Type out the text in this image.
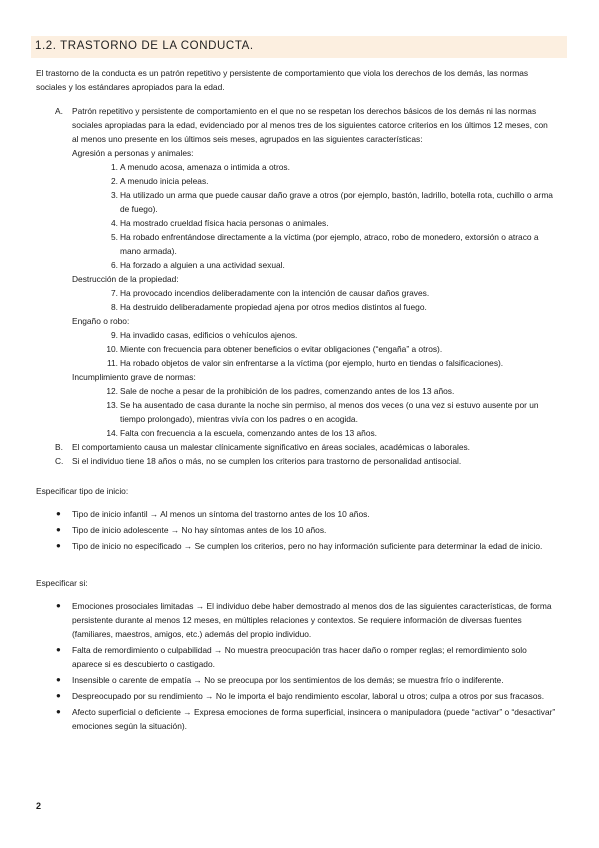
1.2. TRASTORNO DE LA CONDUCTA.

El trastorno de la conducta es un patrón repetitivo y persistente de comportamiento que viola los derechos de los demás, las normas sociales y los estándares apropiados para la edad.

A. Patrón repetitivo y persistente de comportamiento en el que no se respetan los derechos básicos de los demás ni las normas sociales apropiadas para la edad, evidenciado por al menos tres de los siguientes catorce criterios en los últimos 12 meses, con al menos uno presente en los últimos seis meses, agrupados en las siguientes características:
Agresión a personas y animales:
1. A menudo acosa, amenaza o intimida a otros.
2. A menudo inicia peleas.
3. Ha utilizado un arma que puede causar daño grave a otros (por ejemplo, bastón, ladrillo, botella rota, cuchillo o arma de fuego).
4. Ha mostrado crueldad física hacia personas o animales.
5. Ha robado enfrentándose directamente a la víctima (por ejemplo, atraco, robo de monedero, extorsión o atraco a mano armada).
6. Ha forzado a alguien a una actividad sexual.
Destrucción de la propiedad:
7. Ha provocado incendios deliberadamente con la intención de causar daños graves.
8. Ha destruido deliberadamente propiedad ajena por otros medios distintos al fuego.
Engaño o robo:
9. Ha invadido casas, edificios o vehículos ajenos.
10. Miente con frecuencia para obtener beneficios o evitar obligaciones (“engaña” a otros).
11. Ha robado objetos de valor sin enfrentarse a la víctima (por ejemplo, hurto en tiendas o falsificaciones).
Incumplimiento grave de normas:
12. Sale de noche a pesar de la prohibición de los padres, comenzando antes de los 13 años.
13. Se ha ausentado de casa durante la noche sin permiso, al menos dos veces (o una vez si estuvo ausente por un tiempo prolongado), mientras vivía con los padres o en acogida.
14. Falta con frecuencia a la escuela, comenzando antes de los 13 años.
B. El comportamiento causa un malestar clínicamente significativo en áreas sociales, académicas o laborales.
C. Si el individuo tiene 18 años o más, no se cumplen los criterios para trastorno de personalidad antisocial.
Especificar tipo de inicio:
● Tipo de inicio infantil → Al menos un síntoma del trastorno antes de los 10 años.
● Tipo de inicio adolescente → No hay síntomas antes de los 10 años.
● Tipo de inicio no especificado → Se cumplen los criterios, pero no hay información suficiente para determinar la edad de inicio.
Especificar si:
● Emociones prosociales limitadas → El individuo debe haber demostrado al menos dos de las siguientes características, de forma persistente durante al menos 12 meses, en múltiples relaciones y contextos. Se requiere información de diversas fuentes (familiares, maestros, amigos, etc.) además del propio individuo.
● Falta de remordimiento o culpabilidad → No muestra preocupación tras hacer daño o romper reglas; el remordimiento solo aparece si es descubierto o castigado.
● Insensible o carente de empatía → No se preocupa por los sentimientos de los demás; se muestra frío o indiferente.
● Despreocupado por su rendimiento → No le importa el bajo rendimiento escolar, laboral u otros; culpa a otros por sus fracasos.
● Afecto superficial o deficiente → Expresa emociones de forma superficial, insincera o manipuladora (puede “activar” o “desactivar” emociones según la situación).
2
